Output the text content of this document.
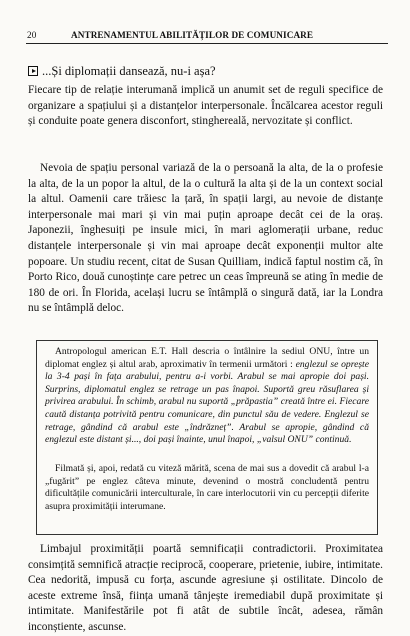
20	ANTRENAMENTUL ABILITĂȚILOR DE COMUNICARE
...Și diplomații dansează, nu-i așa?

Fiecare tip de relație interumană implică un anumit set de reguli specifice de organizare a spațiului și a distanțelor interpersonale. Încălcarea acestor reguli și conduite poate genera disconfort, stinghereală, nervozitate și conflict.

Nevoia de spațiu personal variază de la o persoană la alta, de la o profesie la alta, de la un popor la altul, de la o cultură la alta și de la un context social la altul. Oamenii care trăiesc la țară, în spații largi, au nevoie de distanțe interpersonale mai mari și vin mai puțin aproape decât cei de la oraș. Japonezii, înghesuiți pe insule mici, în mari aglomerații urbane, reduc distanțele interpersonale și vin mai aproape decât exponenții multor alte popoare. Un studiu recent, citat de Susan Quilliam, indică faptul nostim că, în Porto Rico, două cunoștințe care petrec un ceas împreună se ating în medie de 180 de ori. În Florida, același lucru se întâmplă o singură dată, iar la Londra nu se întâmplă deloc.

Antropologul american E.T. Hall descria o întâlnire la sediul ONU, între un diplomat englez și altul arab, aproximativ în termenii următori : englezul se oprește la 3-4 pași în fața arabului, pentru a-i vorbi. Arabul se mai apropie doi pași. Surprins, diplomatul englez se retrage un pas înapoi. Suportă greu răsuflarea și privirea arabului. În schimb, arabul nu suportă „prăpastia” creată între ei. Fiecare caută distanța potrivită pentru comunicare, din punctul său de vedere. Englezul se retrage, gândind că arabul este „îndrăzneț”. Arabul se apropie, gândind că englezul este distant și..., doi pași înainte, unul înapoi, „valsul ONU” continuă.

Filmată și, apoi, redată cu viteză mărită, scena de mai sus a dovedit că arabul l-a „fugărit” pe englez câteva minute, devenind o mostră concludentă pentru dificultățile comunicării interculturale, în care interlocutorii vin cu percepții diferite asupra proximității interumane.

Limbajul proximității poartă semnificații contradictorii. Proximitatea consimțită semnifică atracție reciprocă, cooperare, prietenie, iubire, intimitate. Cea nedorită, impusă cu forța, ascunde agresiune și ostilitate. Dincolo de aceste extreme însă, ființa umană tânjește iremediabil după proximitate și intimitate. Manifestările pot fi atât de subtile încât, adesea, rămân inconștiente, ascunse.
